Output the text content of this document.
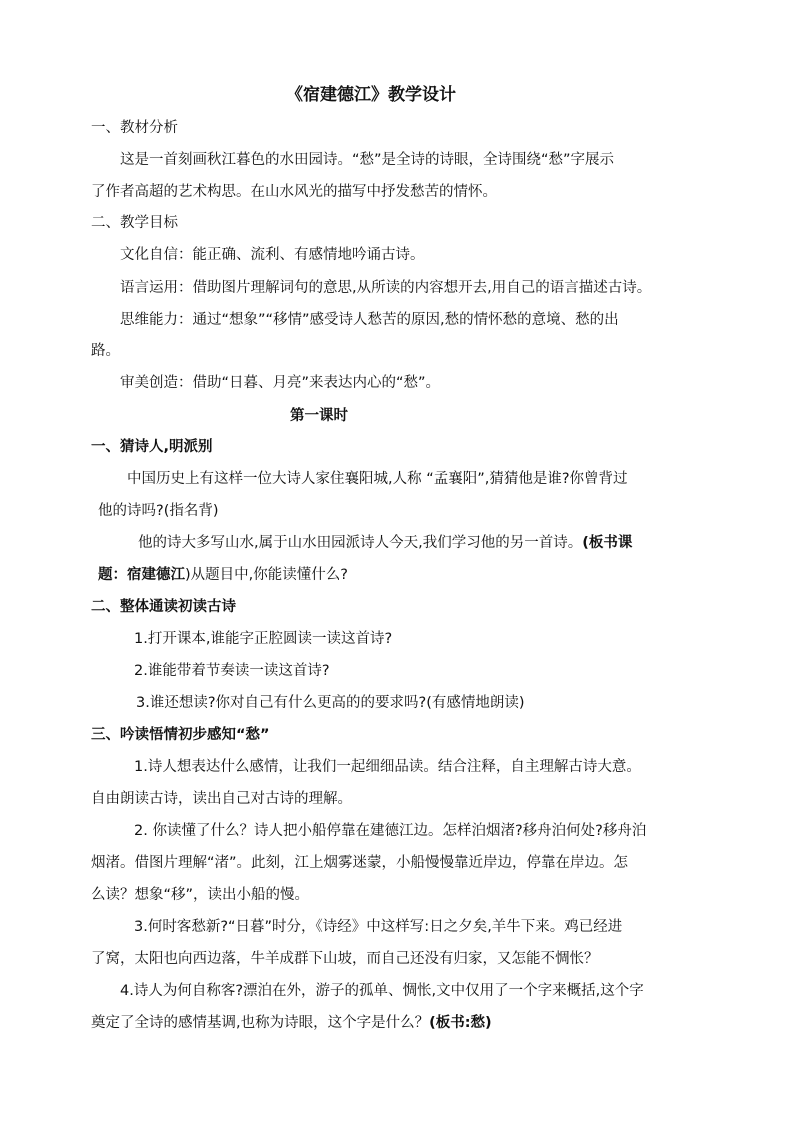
《宿建德江》教学设计
一、教材分析
这是一首刻画秋江暮色的水田园诗。“愁”是全诗的诗眼，全诗围绕“愁”字展示
了作者高超的艺术构思。在山水风光的描写中抒发愁苦的情怀。
二、教学目标
文化自信：能正确、流利、有感情地吟诵古诗。
语言运用：借助图片理解词句的意思,从所读的内容想开去,用自己的语言描述古诗。
思维能力：通过“想象”“移情”感受诗人愁苦的原因,愁的情怀愁的意境、愁的出
路。
审美创造：借助“日暮、月亮”来表达内心的“愁”。
第一课时
一、猜诗人,明派别
中国历史上有这样一位大诗人家住襄阳城,人称 “孟襄阳”,猜猜他是谁?你曾背过
他的诗吗?(指名背)
他的诗大多写山水,属于山水田园派诗人今天,我们学习他的另一首诗。(板书课
题：宿建德江)从题目中,你能读懂什么?
二、整体通读初读古诗
1.打开课本,谁能字正腔圆读一读这首诗?
2.谁能带着节奏读一读这首诗?
3.谁还想读?你对自己有什么更高的的要求吗?(有感情地朗读)
三、吟读悟情初步感知“愁”
1.诗人想表达什么感情，让我们一起细细品读。结合注释，自主理解古诗大意。
自由朗读古诗，读出自己对古诗的理解。
2. 你读懂了什么？诗人把小船停靠在建德江边。怎样泊烟渚?移舟泊何处?移舟泊
烟渚。借图片理解“渚”。此刻，江上烟雾迷蒙，小船慢慢靠近岸边，停靠在岸边。怎
么读？想象“移”，读出小船的慢。
3.何时客愁新?“日暮”时分，《诗经》中这样写:日之夕矣,羊牛下来。鸡已经进
了窝，太阳也向西边落，牛羊成群下山坡，而自己还没有归家，又怎能不惆怅？
4.诗人为何自称客?漂泊在外，游子的孤单、惆怅,文中仅用了一个字来概括,这个字
奠定了全诗的感情基调,也称为诗眼，这个字是什么？(板书:愁)
